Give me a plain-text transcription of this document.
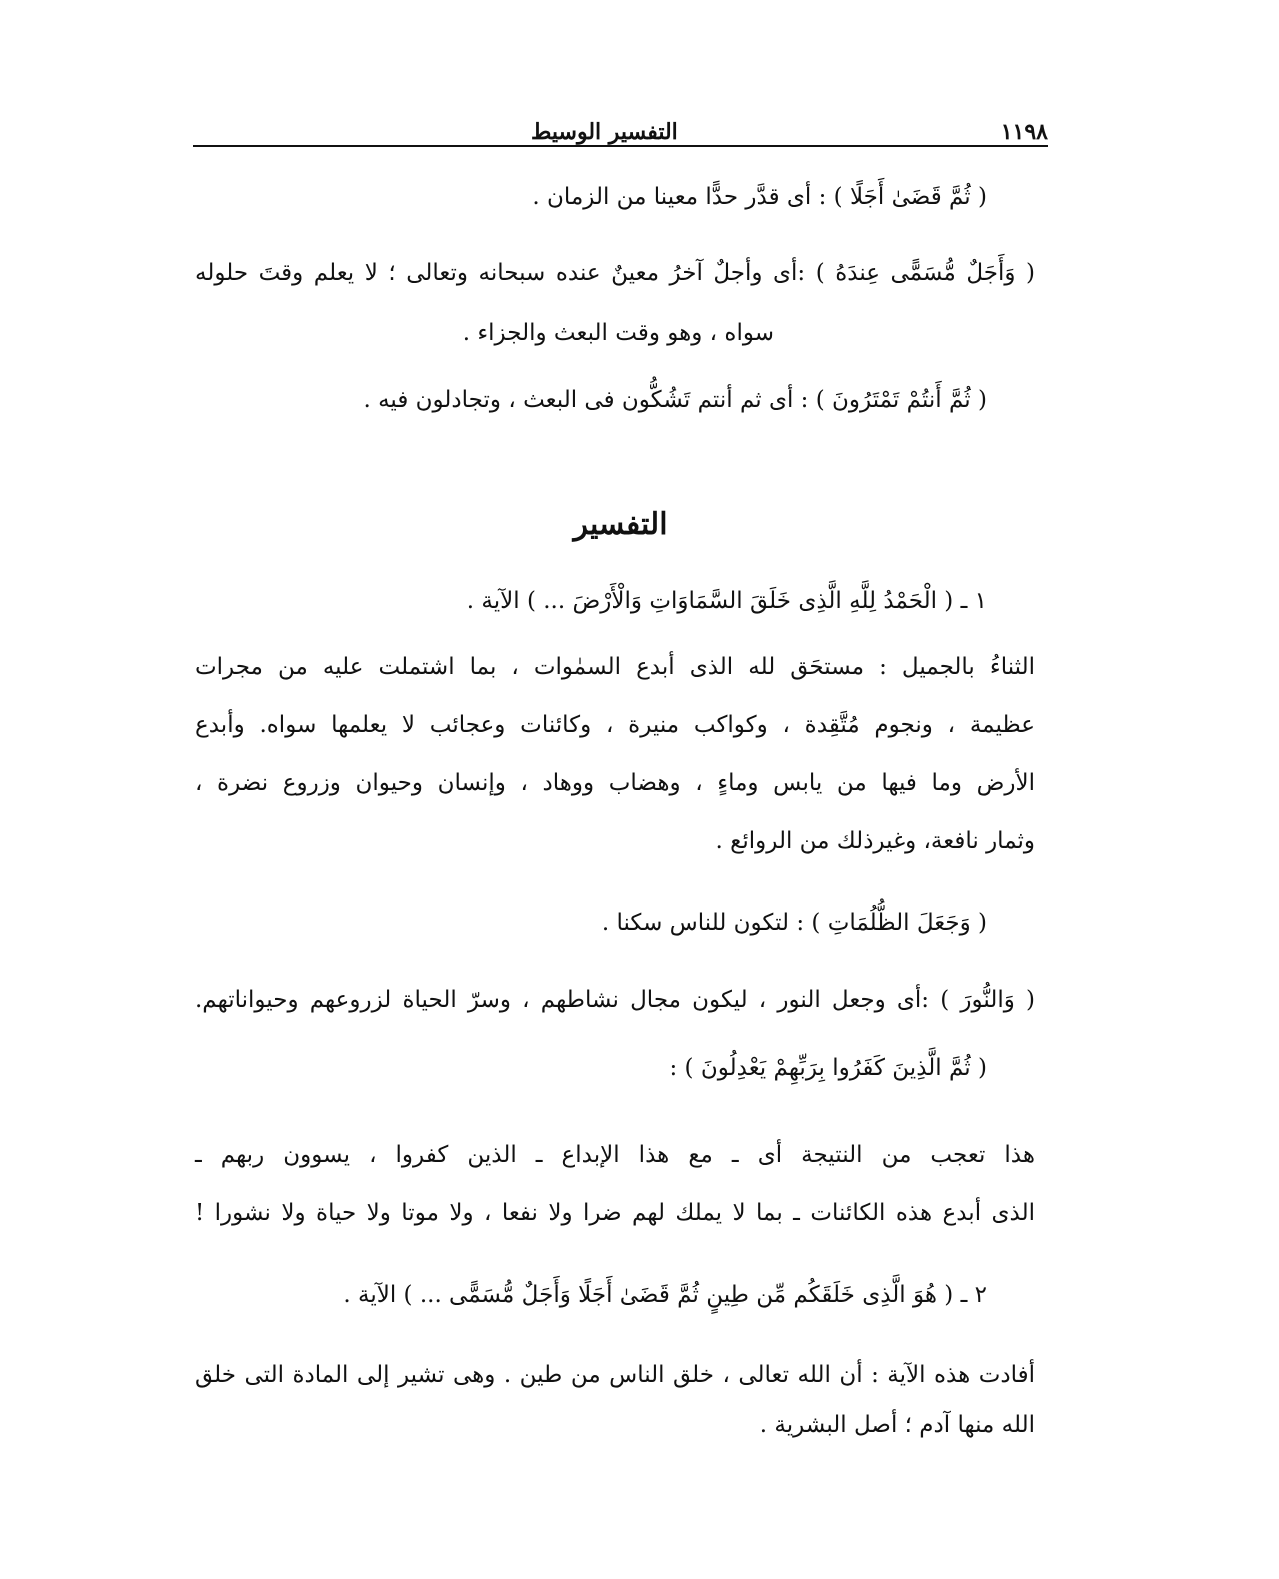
١١٩٨
التفسير الوسيط
( ثُمَّ قَضَىٰ أَجَلًا ) : أى قدَّر حدًّا معينا من الزمان .
( وَأَجَلٌ مُّسَمًّى عِندَهُ ) :أى وأجلٌ آخرُ معينٌ عنده سبحانه وتعالى ؛ لا يعلم وقتَ حلوله
سواه ، وهو وقت البعث والجزاء .
( ثُمَّ أَنتُمْ تَمْتَرُونَ ) : أى ثم أنتم تَشُكُّون فى البعث ، وتجادلون فيه .
التفسير
١ ـ ( الْحَمْدُ لِلَّهِ الَّذِى خَلَقَ السَّمَاوَاتِ وَالْأَرْضَ ... ) الآية .
الثناءُ بالجميل : مستحَق لله الذى أبدع السمٰوات ، بما اشتملت عليه من مجرات
عظيمة ، ونجوم مُتَّقِدة ، وكواكب منيرة ، وكائنات وعجائب لا يعلمها سواه. وأبدع
الأرض وما فيها من يابس وماءٍ ، وهضاب ووهاد ، وإنسان وحيوان وزروع نضرة ،
وثمار نافعة، وغيرذلك من الروائع .
( وَجَعَلَ الظُّلُمَاتِ ) : لتكون للناس سكنا .
( وَالنُّورَ ) :أى وجعل النور ، ليكون مجال نشاطهم ، وسرّ الحياة لزروعهم وحيواناتهم.
( ثُمَّ الَّذِينَ كَفَرُوا بِرَبِّهِمْ يَعْدِلُونَ ) :
هذا تعجب من النتيجة أى ـ مع هذا الإبداع ـ الذين كفروا ، يسوون ربهم ـ
الذى أبدع هذه الكائنات ـ بما لا يملك لهم ضرا ولا نفعا ، ولا موتا ولا حياة ولا نشورا !
٢ ـ ( هُوَ الَّذِى خَلَقَكُم مِّن طِينٍ ثُمَّ قَضَىٰ أَجَلًا وَأَجَلٌ مُّسَمًّى ... ) الآية .
أفادت هذه الآية : أن الله تعالى ، خلق الناس من طين . وهى تشير إلى المادة التى خلق
الله منها آدم ؛ أصل البشرية .
